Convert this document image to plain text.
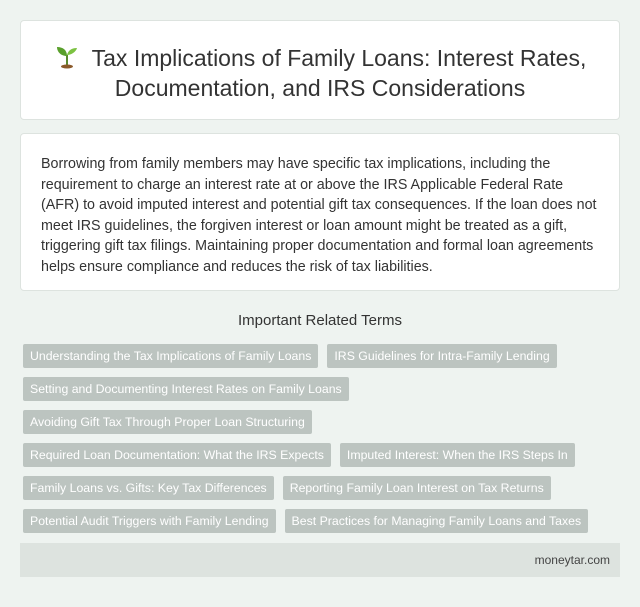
Tax Implications of Family Loans: Interest Rates, Documentation, and IRS Considerations

Borrowing from family members may have specific tax implications, including the requirement to charge an interest rate at or above the IRS Applicable Federal Rate (AFR) to avoid imputed interest and potential gift tax consequences. If the loan does not meet IRS guidelines, the forgiven interest or loan amount might be treated as a gift, triggering gift tax filings. Maintaining proper documentation and formal loan agreements helps ensure compliance and reduces the risk of tax liabilities.

Important Related Terms
Understanding the Tax Implications of Family Loans	IRS Guidelines for Intra-Family Lending
Setting and Documenting Interest Rates on Family Loans
Avoiding Gift Tax Through Proper Loan Structuring
Required Loan Documentation: What the IRS Expects	Imputed Interest: When the IRS Steps In
Family Loans vs. Gifts: Key Tax Differences	Reporting Family Loan Interest on Tax Returns
Potential Audit Triggers with Family Lending	Best Practices for Managing Family Loans and Taxes
moneytar.com
